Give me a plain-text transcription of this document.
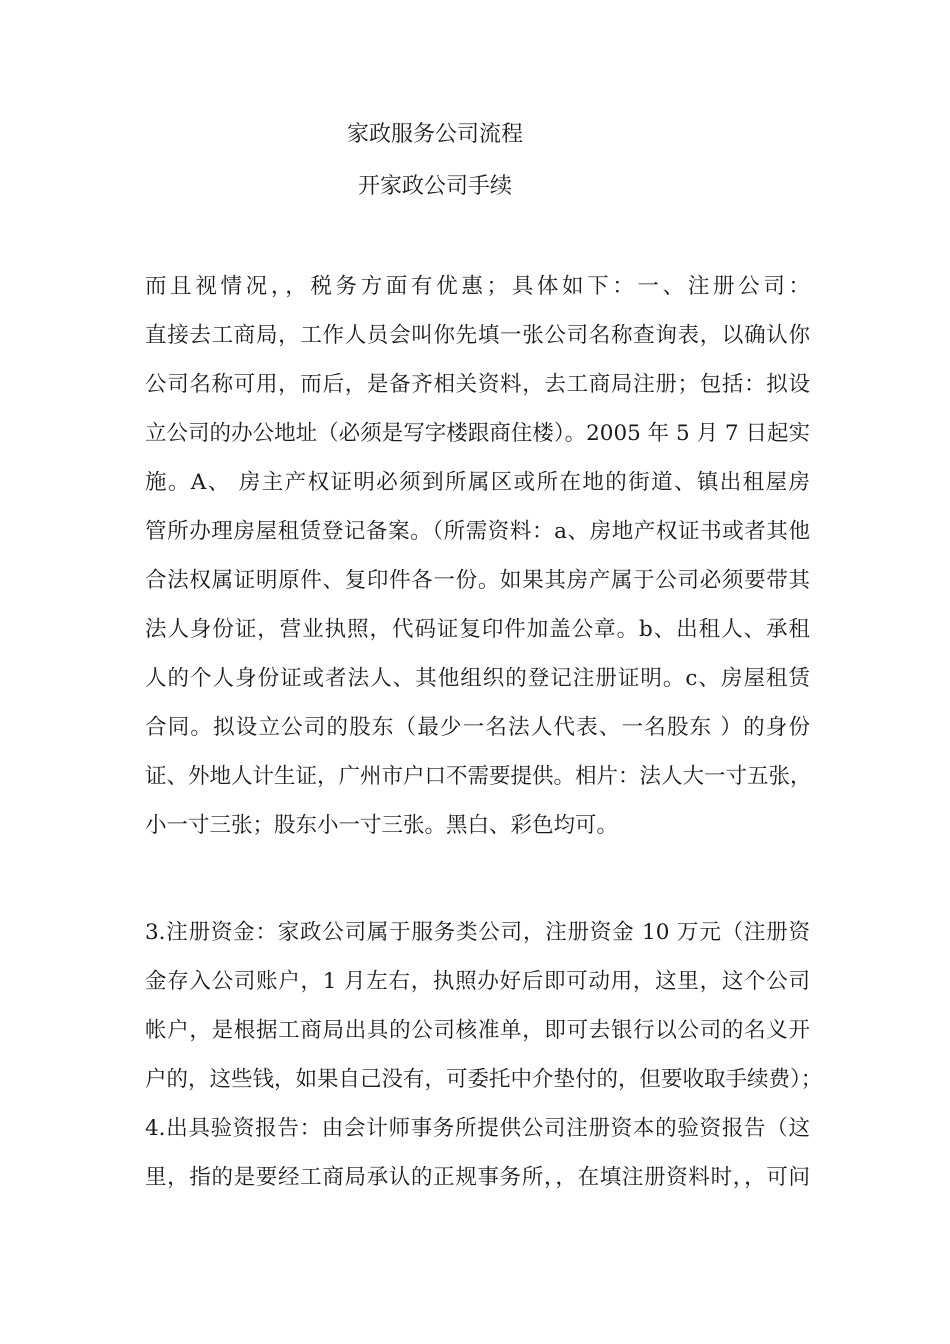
家政服务公司流程
开家政公司手续
而且视情况，，税务方面有优惠；具体如下：一、注册公司：
直接去工商局，工作人员会叫你先填一张公司名称查询表，以确认你
公司名称可用，而后，是备齐相关资料，去工商局注册；包括：拟设
立公司的办公地址（必须是写字楼跟商住楼）。2005 年 5 月 7 日起实
施。A、 房主产权证明必须到所属区或所在地的街道、镇出租屋房
管所办理房屋租赁登记备案。（所需资料：a、房地产权证书或者其他
合法权属证明原件、复印件各一份。如果其房产属于公司必须要带其
法人身份证，营业执照，代码证复印件加盖公章。b、出租人、承租
人的个人身份证或者法人、其他组织的登记注册证明。c、房屋租赁
合同。拟设立公司的股东（最少一名法人代表、一名股东 ）的身份
证、外地人计生证，广州市户口不需要提供。相片：法人大一寸五张，
小一寸三张；股东小一寸三张。黑白、彩色均可。
3.注册资金：家政公司属于服务类公司，注册资金 10 万元（注册资
金存入公司账户，1 月左右，执照办好后即可动用，这里，这个公司
帐户，是根据工商局出具的公司核准单，即可去银行以公司的名义开
户的，这些钱，如果自己没有，可委托中介垫付的，但要收取手续费）；
4.出具验资报告：由会计师事务所提供公司注册资本的验资报告（这
里，指的是要经工商局承认的正规事务所，，在填注册资料时，，可问
